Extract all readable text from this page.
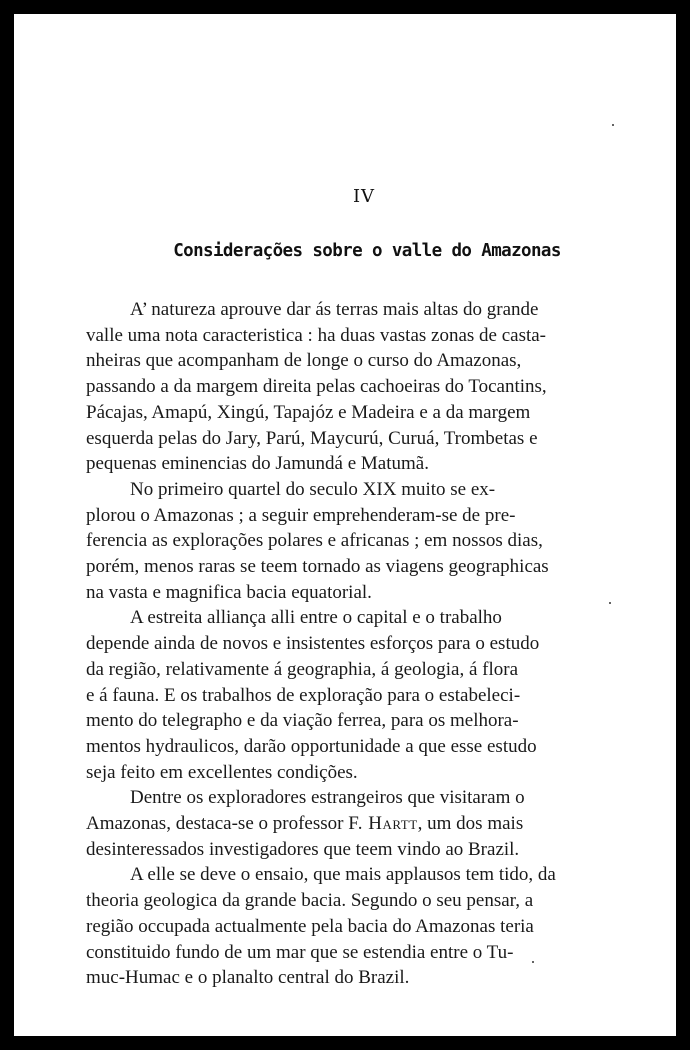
IV
Considerações sobre o valle do Amazonas
A’ natureza aprouve dar ás terras mais altas do grande
valle uma nota caracteristica : ha duas vastas zonas de casta-
nheiras que acompanham de longe o curso do Amazonas,
passando a da margem direita pelas cachoeiras do Tocantins,
Pácajas, Amapú, Xingú, Tapajóz e Madeira e a da margem
esquerda pelas do Jary, Parú, Maycurú, Curuá, Trombetas e
pequenas eminencias do Jamundá e Matumã.
No primeiro quartel do seculo XIX muito se ex-
plorou o Amazonas ; a seguir emprehenderam-se de pre-
ferencia as explorações polares e africanas ; em nossos dias,
porém, menos raras se teem tornado as viagens geographicas
na vasta e magnifica bacia equatorial.
A estreita alliança alli entre o capital e o trabalho
depende ainda de novos e insistentes esforços para o estudo
da região, relativamente á geographia, á geologia, á flora
e á fauna. E os trabalhos de exploração para o estabeleci-
mento do telegrapho e da viação ferrea, para os melhora-
mentos hydraulicos, darão opportunidade a que esse estudo
seja feito em excellentes condições.
Dentre os exploradores estrangeiros que visitaram o
Amazonas, destaca-se o professor F. Hartt, um dos mais
desinteressados investigadores que teem vindo ao Brazil.
A elle se deve o ensaio, que mais applausos tem tido, da
theoria geologica da grande bacia. Segundo o seu pensar, a
região occupada actualmente pela bacia do Amazonas teria
constituido fundo de um mar que se estendia entre o Tu-
muc-Humac e o planalto central do Brazil.
